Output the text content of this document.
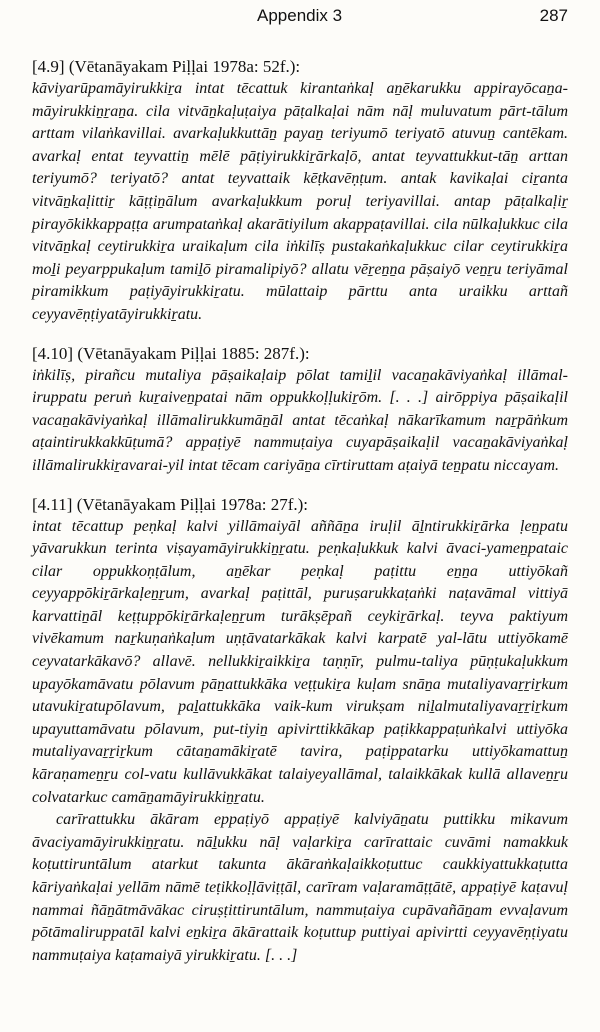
Appendix 3	287
[4.9] (Vētanāyakam Piḷḷai 1978a: 52f.):

kāviyarūpamāyirukkiṟa intat tēcattuk kirantaṅkaḷ aṉēkarukku appirayōcaṉa-māyirukkiṉṟaṉa. cila vitvāṉkaḷuṭaiya pāṭalkaḷai nām nāḷ muluvatum pārt-tālum arttam vilaṅkavillai. avarkaḷukkuttāṉ payaṉ teriyumō teriyatō atuvuṉ cantēkam. avarkaḷ entat teyvattiṉ mēlē pāṭiyirukkiṟārkaḷō, antat teyvattukkut-tāṉ arttan teriyumō? teriyatō? antat teyvattaik kēṭkavēṇṭum. antak kavikaḷai ciṟanta vitvāṉkaḷittiṟ kāṭṭiṉālum avarkaḷukkum poruḷ teriyavillai. antap pāṭalkaḷiṟ pirayōkikkappaṭṭa arumpataṅkaḷ akarātiyilum akappaṭavillai. cila nūlkaḷukkuc cila vitvāṉkaḷ ceytirukkiṟa uraikaḷum cila iṅkilīṣ pustakaṅkaḷukkuc cilar ceytirukkiṟa moḻi peyarppukaḷum tamiḻō piramalipiyō? allatu vēṟeṉṉa pāṣaiyō veṉṟu teriyāmal piramikkum paṭiyāyirukkiṟatu. mūlattaip pārttu anta uraikku arttañ ceyyavēṇṭiyatāyirukkiṟatu.

[4.10] (Vētanāyakam Piḷḷai 1885: 287f.):

iṅkilīṣ, pirañcu mutaliya pāṣaikaḷaip pōlat tamiḻil vacaṉakāviyaṅkaḷ illāmal-iruppatu peruṅ kuṟaiveṉpatai nām oppukkoḷḷukiṟōm. [. . .] airōppiya pāṣaikaḷil vacaṉakāviyaṅkaḷ illāmalirukkumāṉāl antat tēcaṅkaḷ nākarīkamum naṟpāṅkum aṭaintirukkakkūṭumā? appaṭiyē nammuṭaiya cuyapāṣaikaḷil vacaṉakāviyaṅkaḷ illāmalirukkiṟavarai-yil intat tēcam cariyāṉa cīrtiruttam aṭaiyā teṉpatu niccayam.

[4.11] (Vētanāyakam Piḷḷai 1978a: 27f.):

intat tēcattup peṇkaḷ kalvi yillāmaiyāl aññāṉa iruḷil āḻntirukkiṟārka ḷeṉpatu yāvarukkun terinta viṣayamāyirukkiṉṟatu. peṇkaḷukkuk kalvi āvaci-yameṉpataic cilar oppukkoṇṭālum, aṉēkar peṇkaḷ paṭittu eṉṉa uttiyōkañ ceyyappōkiṟārkaḷeṉṟum, avarkaḷ paṭittāl, puruṣarukkaṭaṅki naṭavāmal vittiyā karvattiṉāl keṭṭuppōkiṟārkaḷeṉṟum turākṣēpañ ceykiṟārkaḷ. teyva paktiyum vivēkamum naṟkuṇaṅkaḷum uṇṭāvatarkākak kalvi karpatē yal-lātu uttiyōkamē ceyvatarkākavō? allavē. nellukkiṟaikkiṟa taṇṇīr, pulmu-taliya pūṇṭukaḷukkum upayōkamāvatu pōlavum pāṉattukkāka veṭṭukiṟa kuḷam snāṉa mutaliyavaṟṟiṟkum utavukiṟatupōlavum, paḻattukkāka vaik-kum virukṣam niḻalmutaliyavaṟṟiṟkum upayuttamāvatu pōlavum, put-tiyiṉ apivirttikkākap paṭikkappaṭuṅkalvi uttiyōka mutaliyavaṟṟiṟkum cātaṉamākiṟatē tavira, paṭippatarku uttiyōkamattuṉ kāraṇameṉṟu col-vatu kullāvukkākat talaiyeyallāmal, talaikkākak kullā allaveṉṟu colvatarkuc camāṉamāyirukkiṉṟatu.

carīrattukku ākāram eppaṭiyō appaṭiyē kalviyāṉatu puttikku mikavum āvaciyamāyirukkiṉṟatu. nāḻukku nāḷ vaḷarkiṟa carīrattaic cuvāmi namakkuk koṭuttiruntālum atarkut takunta ākāraṅkaḷaikkoṭuttuc caukkiyattukkaṭutta kāriyaṅkaḷai yellām nāmē teṭikkoḷḷāviṭṭāl, carīram vaḷaramāṭṭātē, appaṭiyē kaṭavuḷ nammai ñāṉātmāvākac ciruṣṭittiruntālum, nammuṭaiya cupāvañāṉam evvaḷavum pōtāmaliruppatāl kalvi eṉkiṟa ākārattaik koṭuttup puttiyai apivirtti ceyyavēṇṭiyatu nammuṭaiya kaṭamaiyā yirukkiṟatu. [. . .]
